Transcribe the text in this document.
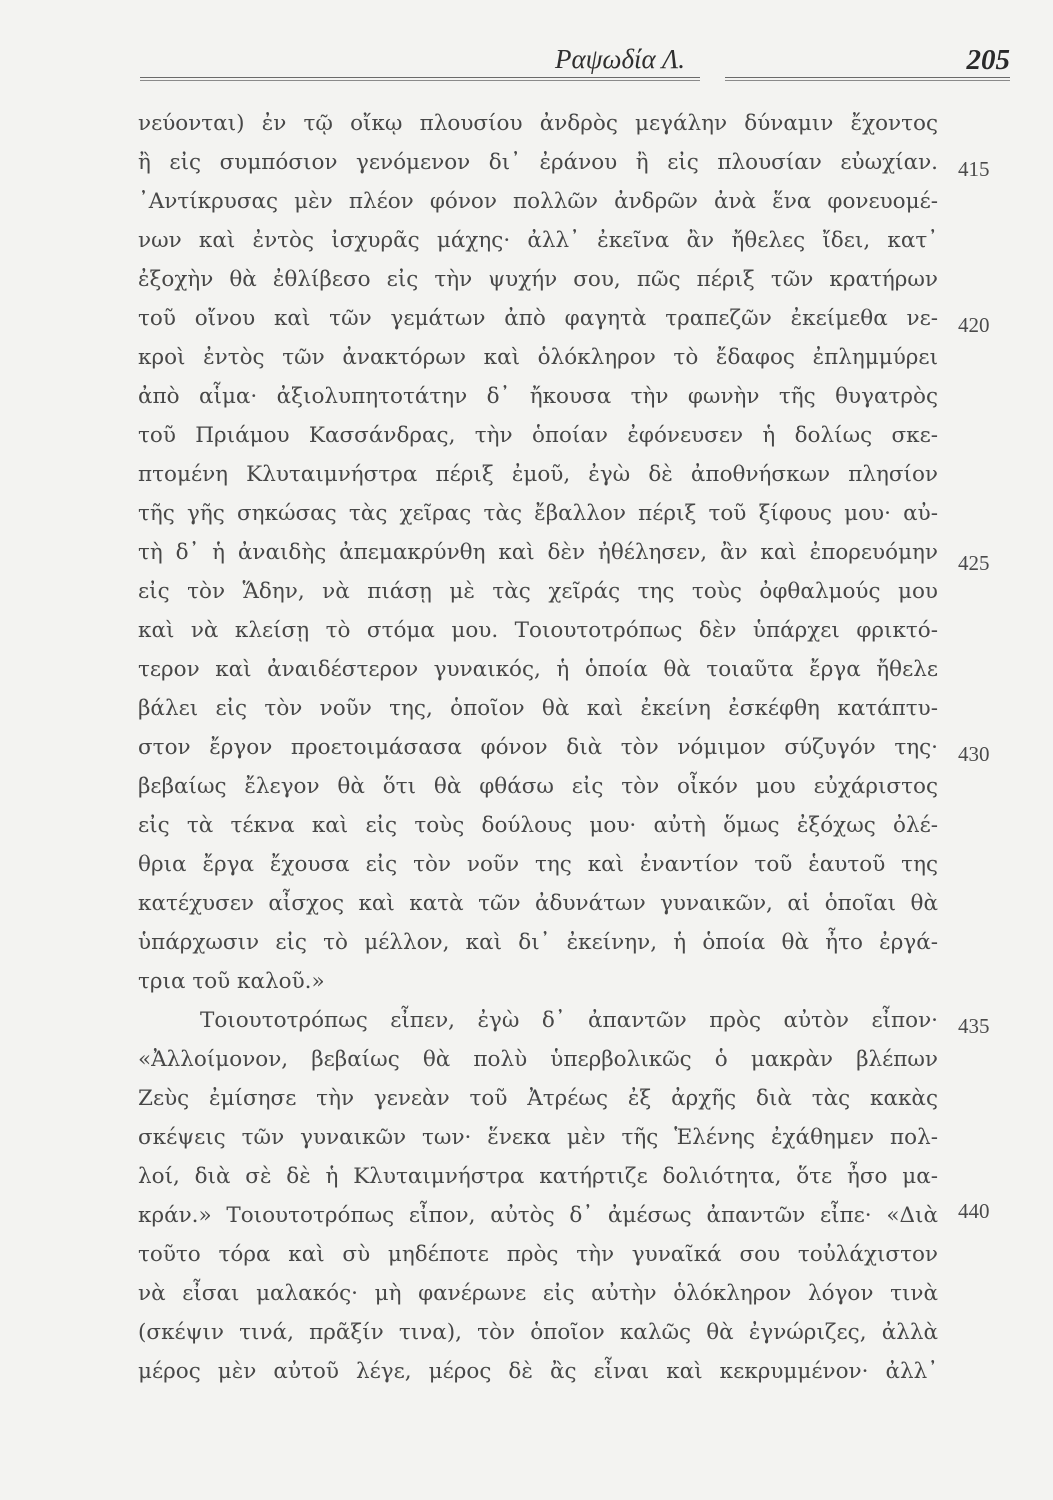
Ραψωδία Λ.	205
νεύονται) ἐν τῷ οἴκῳ πλουσίου ἀνδρὸς μεγάλην δύναμιν ἔχοντος
ἢ εἰς συμπόσιον γενόμενον δι᾽ ἐράνου ἢ εἰς πλουσίαν εὐωχίαν.
᾽Αντίκρυσας μὲν πλέον φόνον πολλῶν ἀνδρῶν ἀνὰ ἕνα φονευομέ-
νων καὶ ἐντὸς ἰσχυρᾶς μάχης· ἀλλ᾽ ἐκεῖνα ἂν ἤθελες ἴδει, κατ᾽
ἐξοχὴν θὰ ἐθλίβεσο εἰς τὴν ψυχήν σου, πῶς πέριξ τῶν κρατήρων
τοῦ οἴνου καὶ τῶν γεμάτων ἀπὸ φαγητὰ τραπεζῶν ἐκείμεθα νε-
κροὶ ἐντὸς τῶν ἀνακτόρων καὶ ὁλόκληρον τὸ ἔδαφος ἐπλημμύρει
ἀπὸ αἷμα· ἀξιολυπητοτάτην δ᾽ ἤκουσα τὴν φωνὴν τῆς θυγατρὸς
τοῦ Πριάμου Κασσάνδρας, τὴν ὁποίαν ἐφόνευσεν ἡ δολίως σκε-
πτομένη Κλυταιμνήστρα πέριξ ἐμοῦ, ἐγὼ δὲ ἀποθνήσκων πλησίον
τῆς γῆς σηκώσας τὰς χεῖρας τὰς ἔβαλλον πέριξ τοῦ ξίφους μου· αὐ-
τὴ δ᾽ ἡ ἀναιδὴς ἀπεμακρύνθη καὶ δὲν ἠθέλησεν, ἂν καὶ ἐπορευόμην
εἰς τὸν Ἅδην, νὰ πιάσῃ μὲ τὰς χεῖράς της τοὺς ὀφθαλμούς μου
καὶ νὰ κλείσῃ τὸ στόμα μου. Τοιουτοτρόπως δὲν ὑπάρχει φρικτό-
τερον καὶ ἀναιδέστερον γυναικός, ἡ ὁποία θὰ τοιαῦτα ἔργα ἤθελε
βάλει εἰς τὸν νοῦν της, ὁποῖον θὰ καὶ ἐκείνη ἐσκέφθη κατάπτυ-
στον ἔργον προετοιμάσασα φόνον διὰ τὸν νόμιμον σύζυγόν της·
βεβαίως ἔλεγον θὰ ὅτι θὰ φθάσω εἰς τὸν οἶκόν μου εὐχάριστος
εἰς τὰ τέκνα καὶ εἰς τοὺς δούλους μου· αὐτὴ ὅμως ἐξόχως ὀλέ-
θρια ἔργα ἔχουσα εἰς τὸν νοῦν της καὶ ἐναντίον τοῦ ἑαυτοῦ της
κατέχυσεν αἶσχος καὶ κατὰ τῶν ἀδυνάτων γυναικῶν, αἱ ὁποῖαι θὰ
ὑπάρχωσιν εἰς τὸ μέλλον, καὶ δι᾽ ἐκείνην, ἡ ὁποία θὰ ἦτο ἐργά-
τρια τοῦ καλοῦ.»
Τοιουτοτρόπως εἶπεν, ἐγὼ δ᾽ ἀπαντῶν πρὸς αὐτὸν εἶπον·
«Ἀλλοίμονον, βεβαίως θὰ πολὺ ὑπερβολικῶς ὁ μακρὰν βλέπων
Ζεὺς ἐμίσησε τὴν γενεὰν τοῦ Ἀτρέως ἐξ ἀρχῆς διὰ τὰς κακὰς
σκέψεις τῶν γυναικῶν των· ἕνεκα μὲν τῆς Ἑλένης ἐχάθημεν πολ-
λοί, διὰ σὲ δὲ ἡ Κλυταιμνήστρα κατήρτιζε δολιότητα, ὅτε ἦσο μα-
κράν.» Τοιουτοτρόπως εἶπον, αὐτὸς δ᾽ ἀμέσως ἀπαντῶν εἶπε· «Διὰ
τοῦτο τόρα καὶ σὺ μηδέποτε πρὸς τὴν γυναῖκά σου τοὐλάχιστον
νὰ εἶσαι μαλακός· μὴ φανέρωνε εἰς αὐτὴν ὁλόκληρον λόγον τινὰ
(σκέψιν τινά, πρᾶξίν τινα), τὸν ὁποῖον καλῶς θὰ ἐγνώριζες, ἀλλὰ
μέρος μὲν αὐτοῦ λέγε, μέρος δὲ ἂς εἶναι καὶ κεκρυμμένον· ἀλλ᾽
415
420
425
430
435
440
